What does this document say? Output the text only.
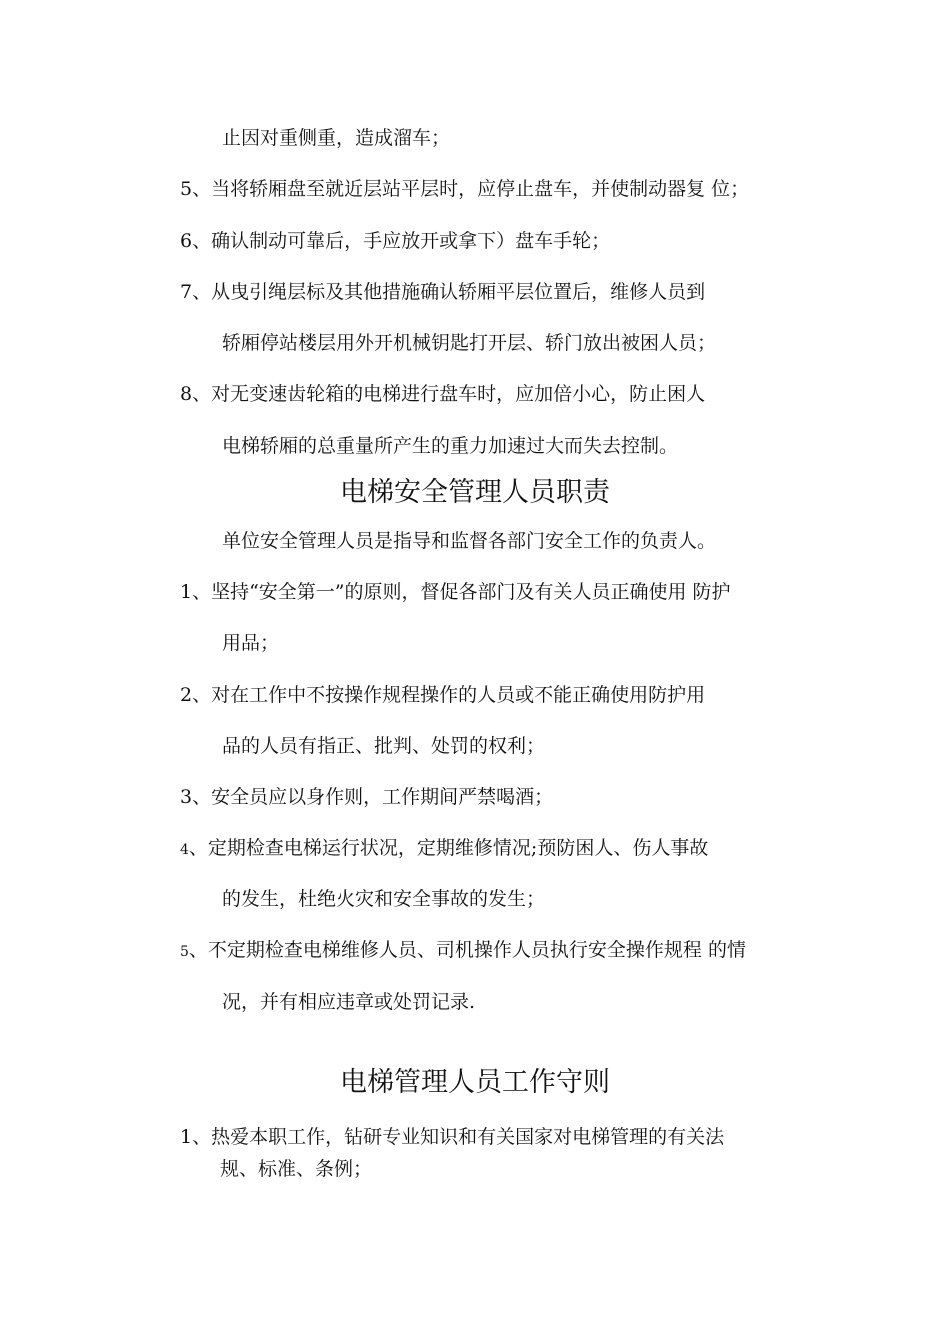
止因对重侧重，造成溜车；

5、当将轿厢盘至就近层站平层时，应停止盘车，并使制动器复 位；

6、确认制动可靠后，手应放开或拿下）盘车手轮；

7、从曳引绳层标及其他措施确认轿厢平层位置后，维修人员到

轿厢停站楼层用外开机械钥匙打开层、轿门放出被困人员；

8、对无变速齿轮箱的电梯进行盘车时，应加倍小心，防止困人

电梯轿厢的总重量所产生的重力加速过大而失去控制。

电梯安全管理人员职责

单位安全管理人员是指导和监督各部门安全工作的负责人。

1、坚持“安全第一”的原则，督促各部门及有关人员正确使用 防护

用品；

2、对在工作中不按操作规程操作的人员或不能正确使用防护用

品的人员有指正、批判、处罚的权利；

3、安全员应以身作则，工作期间严禁喝酒；

4、定期检查电梯运行状况，定期维修情况;预防困人、伤人事故

的发生，杜绝火灾和安全事故的发生；

5、不定期检查电梯维修人员、司机操作人员执行安全操作规程 的情

况，并有相应违章或处罚记录.

电梯管理人员工作守则

1、热爱本职工作，钻研专业知识和有关国家对电梯管理的有关法

规、标准、条例；
